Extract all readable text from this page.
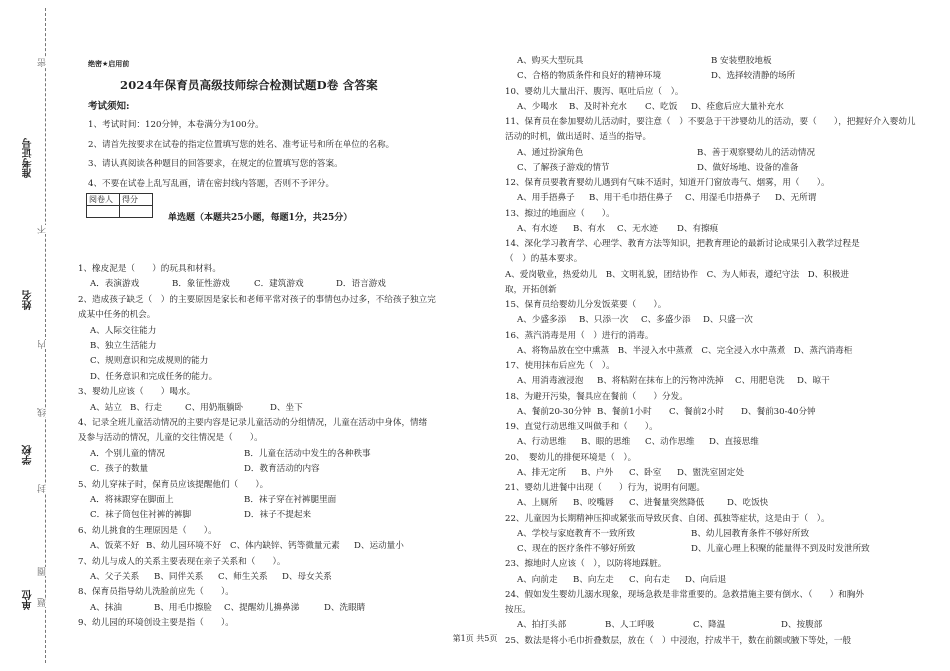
准考证号
姓名
学校
单位
密
不
内
线
封
圈
题
绝密★启用前
2024年保育员高级技师综合检测试题D卷 含答案
考试须知:
1、考试时间：120分钟，本卷满分为100分。
2、请首先按要求在试卷的指定位置填写您的姓名、准考证号和所在单位的名称。
3、请认真阅读各种题目的回答要求，在规定的位置填写您的答案。
4、不要在试卷上乱写乱画，请在密封线内答题，否则不予评分。
阅卷人	得分

单选题（本题共25小题，每题1分，共25分）
1、橡皮泥是（　　）的玩具和材料。
A．表演游戏	B．象征性游戏	C．建筑游戏	D．语言游戏
2、造成孩子缺乏（　）的主要原因是家长和老师平常对孩子的事情包办过多，不给孩子独立完
成某中任务的机会。
A、人际交往能力
B、独立生活能力
C、规则意识和完成规则的能力
D、任务意识和完成任务的能力。
3、婴幼儿应该（　　）喝水。
A、站立 B、行走	C、用奶瓶躺卧	D、坐下
4、记录全班儿童活动情况的主要内容是记录儿童活动的分组情况，儿童在活动中身体，情绪
及参与活动的情况，儿童的交往情况是（　　）。
A．个别儿童的情况	B．儿童在活动中发生的各种秩事
C．孩子的数量	D．教育活动的内容
5、幼儿穿袜子时，保育员应该提醒他们（　　）。
A．将袜跟穿在脚面上	B．袜子穿在衬裤腿里面
C．袜子筒包住衬裤的裤脚	D．袜子不提起来
6、幼儿挑食的生理原因是（　　）。
A、饭菜不好 B、幼儿园环境不好 C、体内缺锌、钙等微量元素 D、运动量小
7、幼儿与成人的关系主要表现在亲子关系和（　　）。
A、父子关系 B、同伴关系 C、师生关系 D、母女关系
8、保育员指导幼儿洗脸前应先（　　）。
A、抹油	B、用毛巾擦脸 C、提醒幼儿擤鼻涕	D、洗眼睛
9、幼儿园的环境创设主要是指（　　）。
A、购买大型玩具	B 安装塑胶地板
C、合格的物质条件和良好的精神环境	D、选择较清静的场所
10、婴幼儿大量出汗、腹泻、呕吐后应（　）。
A、少喝水 B、及时补充水 C、吃饭 D、痊愈后应大量补充水
11、保育员在参加婴幼儿活动时，要注意（　）不要急于干涉婴幼儿的活动，要（　　），把握好介入婴幼儿
活动的时机，做出适时、适当的指导。
A、通过扮演角色	B、善于观察婴幼儿的活动情况
C、了解孩子游戏的情节	D、做好场地、设备的准备
12、保育员要教育婴幼儿遇到有气味不适时，知道开门窗放毒气、烟雾，用（　　）。
A、用手捂鼻子 B、用干毛巾捂住鼻子 C、用湿毛巾捂鼻子 D、无所谓
13、擦过的地面应（　　）。
A、有水迹 B、有水 C、无水迹 D、有擦痕
14、深化学习教育学、心理学、教育方法等知识，把教育理论的最新讨论成果引入教学过程是
（　）的基本要求。
A、爱岗敬业，热爱幼儿　B、文明礼貌，团结协作　C、为人师表，遵纪守法　D、积极进
取，开拓创新
15、保育员给婴幼儿分发饭菜要（　　）。
A、少盛多添 B、只添一次 C、多盛少添 D、只盛一次
16、蒸汽消毒是用（　）进行的消毒。
A、将物品放在空中熏蒸　B、半浸入水中蒸煮　C、完全浸入水中蒸煮　D、蒸汽消毒柜
17、使用抹布后应先（　）。
A、用消毒液浸泡 B、将粘附在抹布上的污物冲洗掉 C、用肥皂洗 D、晾干
18、为避开污染，餐具应在餐前（　　）分发。
A、餐前20-30分钟 B、餐前1小时 C、餐前2小时 D、餐前30-40分钟
19、直觉行动思维又叫做手和（　　）。
A、行动思维 B、眼的思维 C、动作思维 D、直接思维
20、　婴幼儿的排便环境是（　）。
A、排无定所 B、户外 C、卧室 D、盥洗室固定处
21、婴幼儿进餐中出现（　　）行为，说明有问题。
A、上厕所 B、咬嘴唇 C、进餐量突然降低	D、吃饭快
22、儿童因为长期精神压抑或紧张而导致厌食、自闭、孤独等症状，这是由于（　）。
A、学校与家庭教育不一致所致	B、幼儿园教育条件不够好所致
C、现在的医疗条件不够好所致	D、儿童心理上积聚的能量得不到及时发泄所致
23、擦地时人应该（　），以防将地踩脏。
A、向前走 B、向左走 C、向右走 D、向后退
24、假如发生婴幼儿溺水现象，现场急救是非常重要的。急救措施主要有倒水、（　　）和胸外
按压。
A、拍打头部	B、人工呼吸	C、降温	D、按腹部
25、数法是将小毛巾折叠数层，放在（　）中浸泡，拧成半干，数在前额或腋下等处，一般
第1页 共5页
